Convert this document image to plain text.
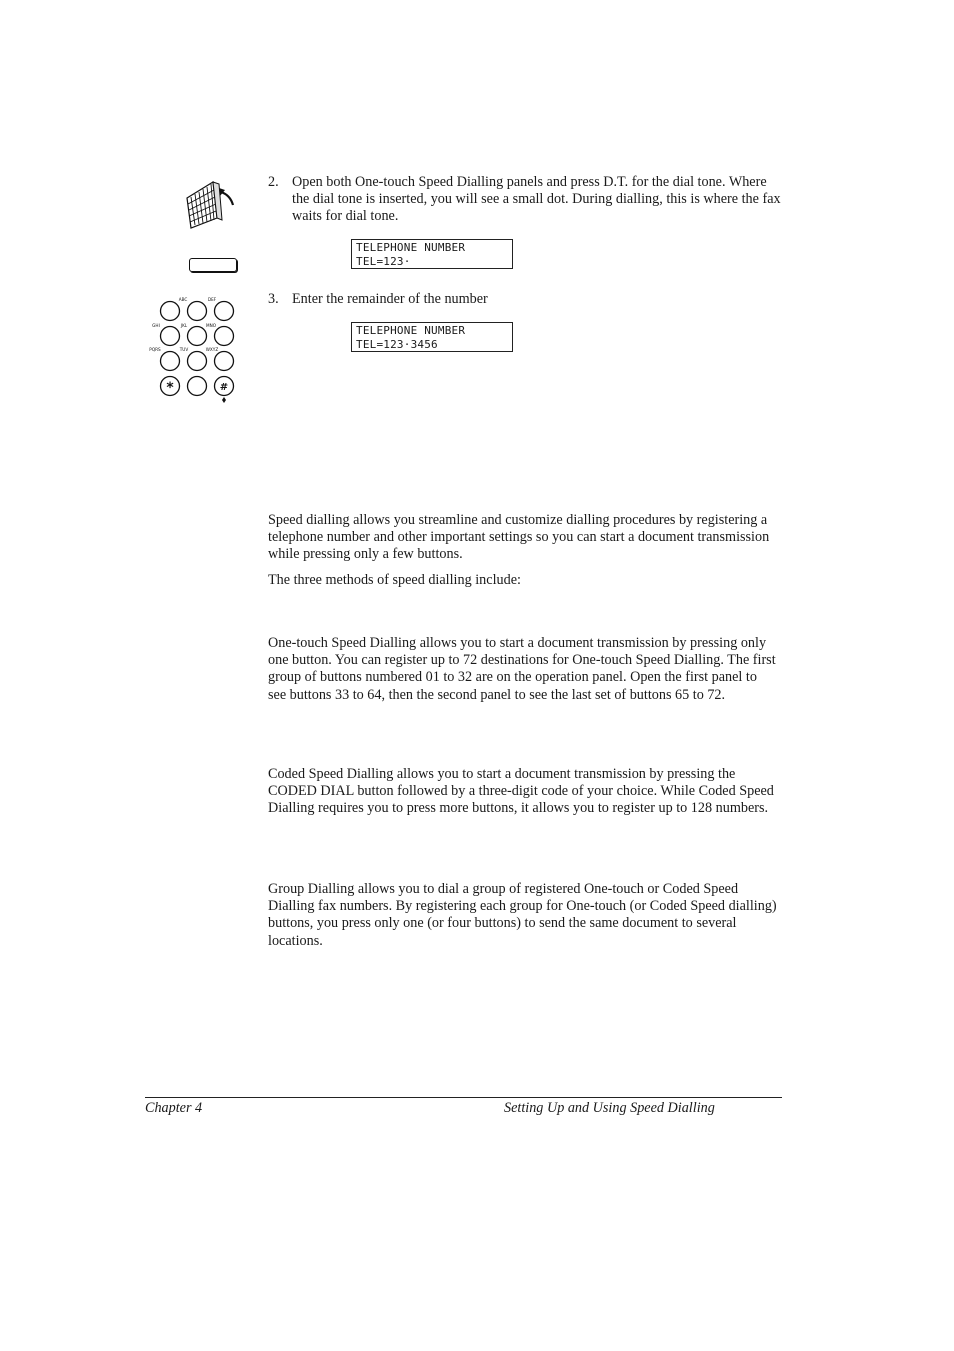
2. Open both One-touch Speed Dialling panels and press D.T. for the dial tone. Where the dial tone is inserted, you will see a small dot. During dialling, this is where the fax waits for dial tone.
TELEPHONE NUMBER
TEL=123·
ABC	DEF
GHI	JKL	MNO
PQRS	TUV	WXYZ
*	#
3. Enter the remainder of the number
TELEPHONE NUMBER
TEL=123·3456
Speed dialling allows you streamline and customize dialling procedures by registering a telephone number and other important settings so you can start a document transmission while pressing only a few buttons.
The three methods of speed dialling include:
One-touch Speed Dialling allows you to start a document transmission by pressing only one button. You can register up to 72 destinations for One-touch Speed Dialling. The first group of buttons numbered 01 to 32 are on the operation panel. Open the first panel to see buttons 33 to 64, then the second panel to see the last set of buttons 65 to 72.
Coded Speed Dialling allows you to start a document transmission by pressing the CODED DIAL button followed by a three-digit code of your choice. While Coded Speed Dialling requires you to press more buttons, it allows you to register up to 128 numbers.
Group Dialling allows you to dial a group of registered One-touch or Coded Speed Dialling fax numbers. By registering each group for One-touch (or Coded Speed dialling) buttons, you press only one (or four buttons) to send the same document to several locations.
Chapter 4	Setting Up and Using Speed Dialling
